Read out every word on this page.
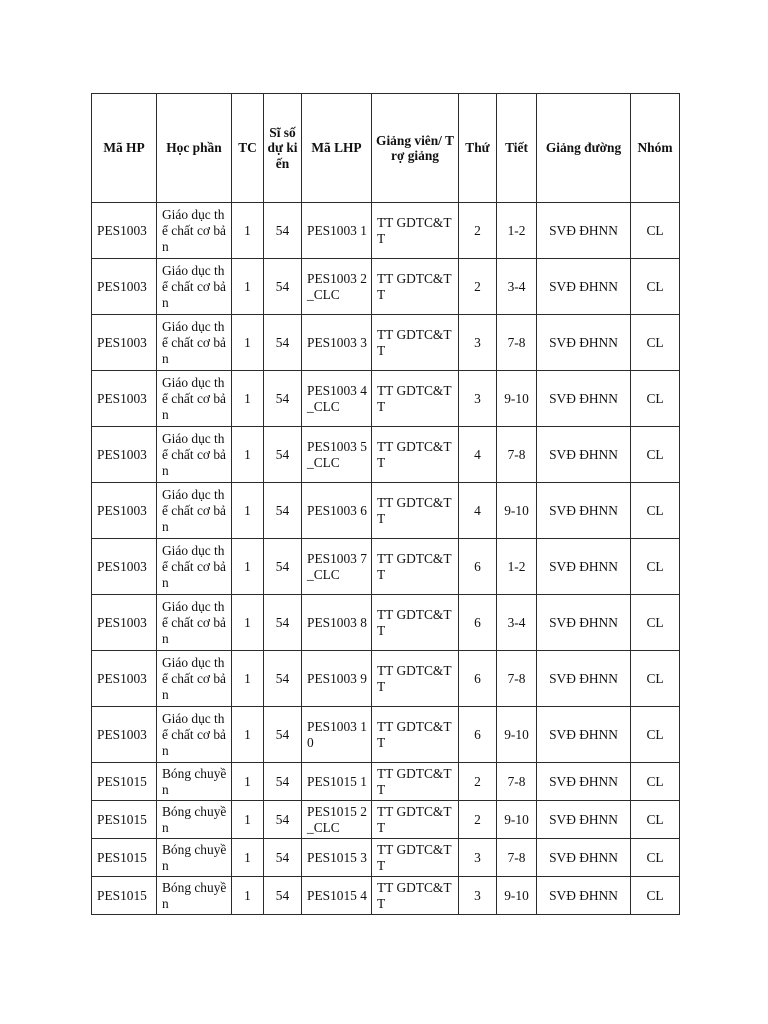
Mã HP	Học phần	TC	Sĩ số dự kiến	Mã LHP	Giảng viên/ Trợ giảng	Thứ	Tiết	Giảng đường	Nhóm
PES1003	Giáo dục thể chất cơ bản	1	54	PES1003 1	TT GDTC&TT	2	1-2	SVĐ ĐHNN	CL
PES1003	Giáo dục thể chất cơ bản	1	54	PES1003 2_CLC	TT GDTC&TT	2	3-4	SVĐ ĐHNN	CL
PES1003	Giáo dục thể chất cơ bản	1	54	PES1003 3	TT GDTC&TT	3	7-8	SVĐ ĐHNN	CL
PES1003	Giáo dục thể chất cơ bản	1	54	PES1003 4_CLC	TT GDTC&TT	3	9-10	SVĐ ĐHNN	CL
PES1003	Giáo dục thể chất cơ bản	1	54	PES1003 5_CLC	TT GDTC&TT	4	7-8	SVĐ ĐHNN	CL
PES1003	Giáo dục thể chất cơ bản	1	54	PES1003 6	TT GDTC&TT	4	9-10	SVĐ ĐHNN	CL
PES1003	Giáo dục thể chất cơ bản	1	54	PES1003 7_CLC	TT GDTC&TT	6	1-2	SVĐ ĐHNN	CL
PES1003	Giáo dục thể chất cơ bản	1	54	PES1003 8	TT GDTC&TT	6	3-4	SVĐ ĐHNN	CL
PES1003	Giáo dục thể chất cơ bản	1	54	PES1003 9	TT GDTC&TT	6	7-8	SVĐ ĐHNN	CL
PES1003	Giáo dục thể chất cơ bản	1	54	PES1003 10	TT GDTC&TT	6	9-10	SVĐ ĐHNN	CL
PES1015	Bóng chuyền	1	54	PES1015 1	TT GDTC&TT	2	7-8	SVĐ ĐHNN	CL
PES1015	Bóng chuyền	1	54	PES1015 2_CLC	TT GDTC&TT	2	9-10	SVĐ ĐHNN	CL
PES1015	Bóng chuyền	1	54	PES1015 3	TT GDTC&TT	3	7-8	SVĐ ĐHNN	CL
PES1015	Bóng chuyền	1	54	PES1015 4	TT GDTC&TT	3	9-10	SVĐ ĐHNN	CL
